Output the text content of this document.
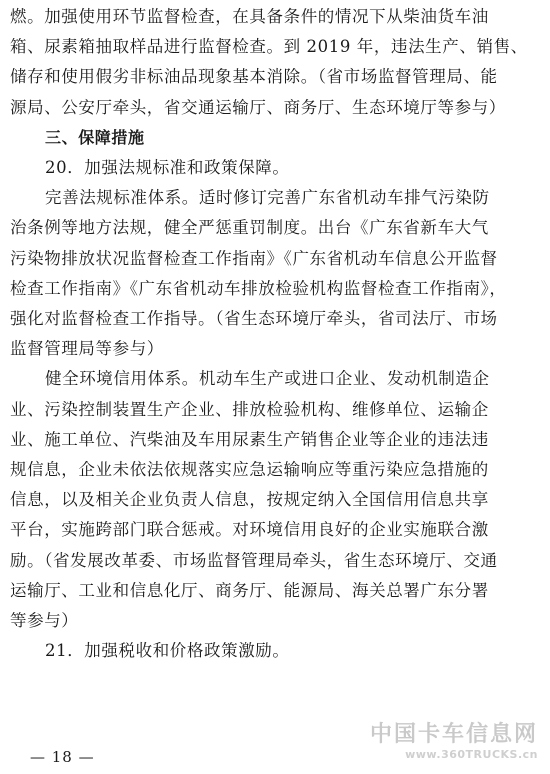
燃。加强使用环节监督检查，在具备条件的情况下从柴油货车油
箱、尿素箱抽取样品进行监督检查。到 2019 年，违法生产、销售、
储存和使用假劣非标油品现象基本消除。（省市场监督管理局、能
源局、公安厅牵头，省交通运输厅、商务厅、生态环境厅等参与）

三、保障措施

20．加强法规标准和政策保障。

完善法规标准体系。适时修订完善广东省机动车排气污染防
治条例等地方法规，健全严惩重罚制度。出台《广东省新车大气
污染物排放状况监督检查工作指南》《广东省机动车信息公开监督
检查工作指南》《广东省机动车排放检验机构监督检查工作指南》，
强化对监督检查工作指导。（省生态环境厅牵头，省司法厅、市场
监督管理局等参与）

健全环境信用体系。机动车生产或进口企业、发动机制造企
业、污染控制装置生产企业、排放检验机构、维修单位、运输企
业、施工单位、汽柴油及车用尿素生产销售企业等企业的违法违
规信息，企业未依法依规落实应急运输响应等重污染应急措施的
信息，以及相关企业负责人信息，按规定纳入全国信用信息共享
平台，实施跨部门联合惩戒。对环境信用良好的企业实施联合激
励。（省发展改革委、市场监督管理局牵头，省生态环境厅、交通
运输厅、工业和信息化厅、商务厅、能源局、海关总署广东分署
等参与）

21．加强税收和价格政策激励。

— 18 —
中国卡车信息网
www.360TRUCKS.cn
